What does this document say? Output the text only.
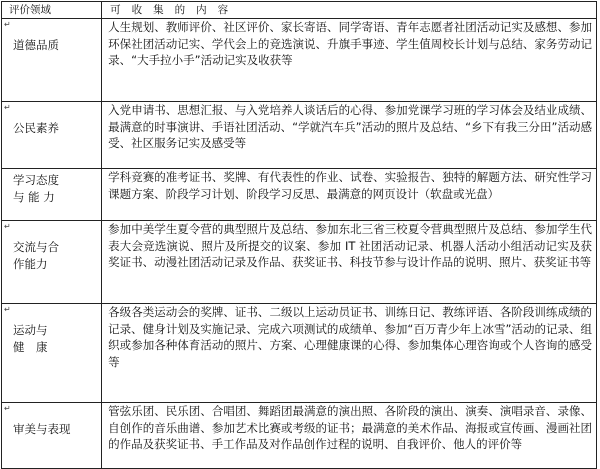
评价领域	可收集的内容

↵
道德品质	人生规划、教师评价、社区评价、家长寄语、同学寄语、青年志愿者社团活动记实及感想、参加环保社团活动记实、学代会上的竞选演说、升旗手事迹、学生值周校长计划与总结、家务劳动记录、“大手拉小手”活动记实及收获等

↵
公民素养	入党申请书、思想汇报、与入党培养人谈话后的心得、参加党课学习班的学习体会及结业成绩、最满意的时事演讲、手语社团活动、“学就汽车兵”活动的照片及总结、“乡下有我三分田”活动感受、社区服务记实及感受等

学习态度
与 能 力	学科竞赛的准考证书、奖牌、有代表性的作业、试卷、实验报告、独特的解题方法、研究性学习课题方案、阶段学习计划、阶段学习反思、最满意的网页设计（软盘或光盘）

↵
交流与合
作能力	参加中美学生夏令营的典型照片及总结、参加东北三省三校夏令营典型照片及总结、参加学生代表大会竞选演说、照片及所提交的议案、参加 IT 社团活动记录、机器人活动小组活动记实及获奖证书、动漫社团活动记录及作品、获奖证书、科技节参与设计作品的说明、照片、获奖证书等

↵
运动与
健　康	各级各类运动会的奖牌、证书、二级以上运动员证书、训练日记、教练评语、各阶段训练成绩的记录、健身计划及实施记录、完成六项测试的成绩单、参加“百万青少年上冰雪”活动的记录、组织或参加各种体育活动的照片、方案、心理健康课的心得、参加集体心理咨询或个人咨询的感受等

↵
审美与表现	管弦乐团、民乐团、合唱团、舞蹈团最满意的演出照、各阶段的演出、演奏、演唱录音、录像、自创作的音乐曲谱、参加艺术比赛或考级的证书；最满意的美术作品、海报或宣传画、漫画社团的作品及获奖证书、手工作品及对作品创作过程的说明、自我评价、他人的评价等
